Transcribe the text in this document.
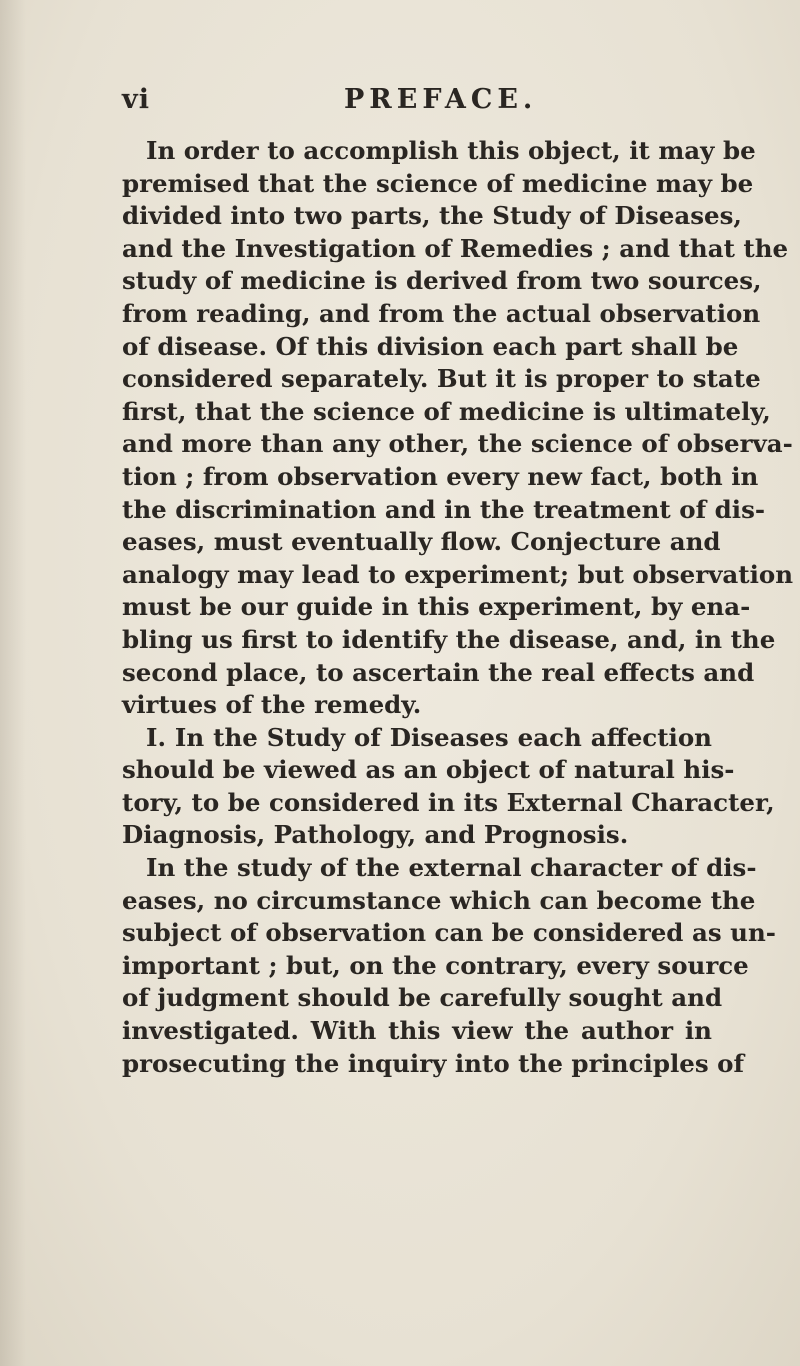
vi	PREFACE.
In order to accomplish this object, it may be
premised that the science of medicine may be
divided into two parts, the Study of Diseases,
and the Investigation of Remedies ; and that the
study of medicine is derived from two sources,
from reading, and from the actual observation
of disease. Of this division each part shall be
considered separately. But it is proper to state
first, that the science of medicine is ultimately,
and more than any other, the science of observa-
tion ; from observation every new fact, both in
the discrimination and in the treatment of dis-
eases, must eventually flow. Conjecture and
analogy may lead to experiment; but observation
must be our guide in this experiment, by ena-
bling us first to identify the disease, and, in the
second place, to ascertain the real effects and
virtues of the remedy.
I. In the Study of Diseases each affection
should be viewed as an object of natural his-
tory, to be considered in its External Character,
Diagnosis, Pathology, and Prognosis.
In the study of the external character of dis-
eases, no circumstance which can become the
subject of observation can be considered as un-
important ; but, on the contrary, every source
of judgment should be carefully sought and
investigated. With this view the author in
prosecuting the inquiry into the principles of
